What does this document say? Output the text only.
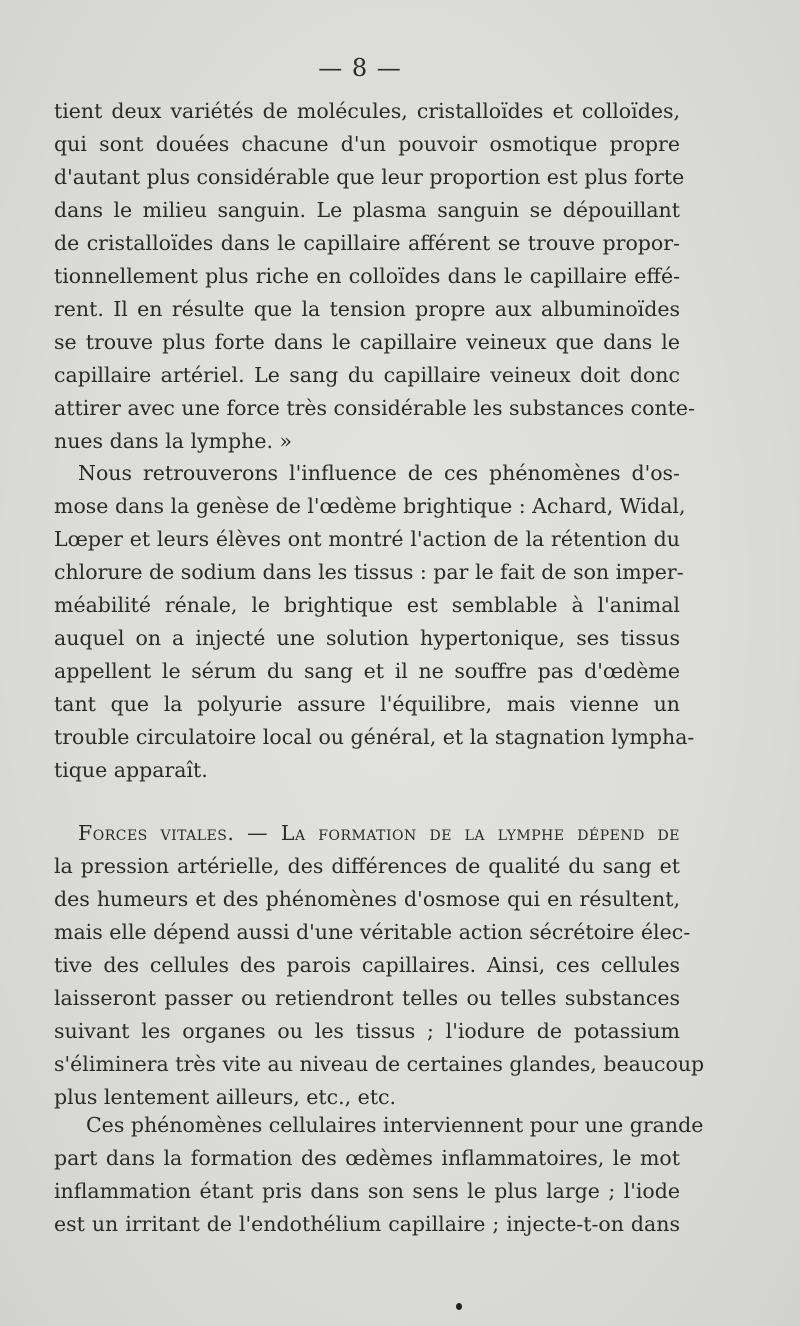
— 8 —
tient deux variétés de molécules, cristalloïdes et colloïdes,
qui sont douées chacune d'un pouvoir osmotique propre
d'autant plus considérable que leur proportion est plus forte
dans le milieu sanguin. Le plasma sanguin se dépouillant
de cristalloïdes dans le capillaire afférent se trouve propor-
tionnellement plus riche en colloïdes dans le capillaire effé-
rent. Il en résulte que la tension propre aux albuminoïdes
se trouve plus forte dans le capillaire veineux que dans le
capillaire artériel. Le sang du capillaire veineux doit donc
attirer avec une force très considérable les substances conte-
nues dans la lymphe. »
Nous retrouverons l'influence de ces phénomènes d'os-
mose dans la genèse de l'œdème brightique : Achard, Widal,
Lœper et leurs élèves ont montré l'action de la rétention du
chlorure de sodium dans les tissus : par le fait de son imper-
méabilité rénale, le brightique est semblable à l'animal
auquel on a injecté une solution hypertonique, ses tissus
appellent le sérum du sang et il ne souffre pas d'œdème
tant que la polyurie assure l'équilibre, mais vienne un
trouble circulatoire local ou général, et la stagnation lympha-
tique apparaît.
Forces vitales. — La formation de la lymphe dépend de
la pression artérielle, des différences de qualité du sang et
des humeurs et des phénomènes d'osmose qui en résultent,
mais elle dépend aussi d'une véritable action sécrétoire élec-
tive des cellules des parois capillaires. Ainsi, ces cellules
laisseront passer ou retiendront telles ou telles substances
suivant les organes ou les tissus ; l'iodure de potassium
s'éliminera très vite au niveau de certaines glandes, beaucoup
plus lentement ailleurs, etc., etc.
Ces phénomènes cellulaires interviennent pour une grande
part dans la formation des œdèmes inflammatoires, le mot
inflammation étant pris dans son sens le plus large ; l'iode
est un irritant de l'endothélium capillaire ; injecte-t-on dans
